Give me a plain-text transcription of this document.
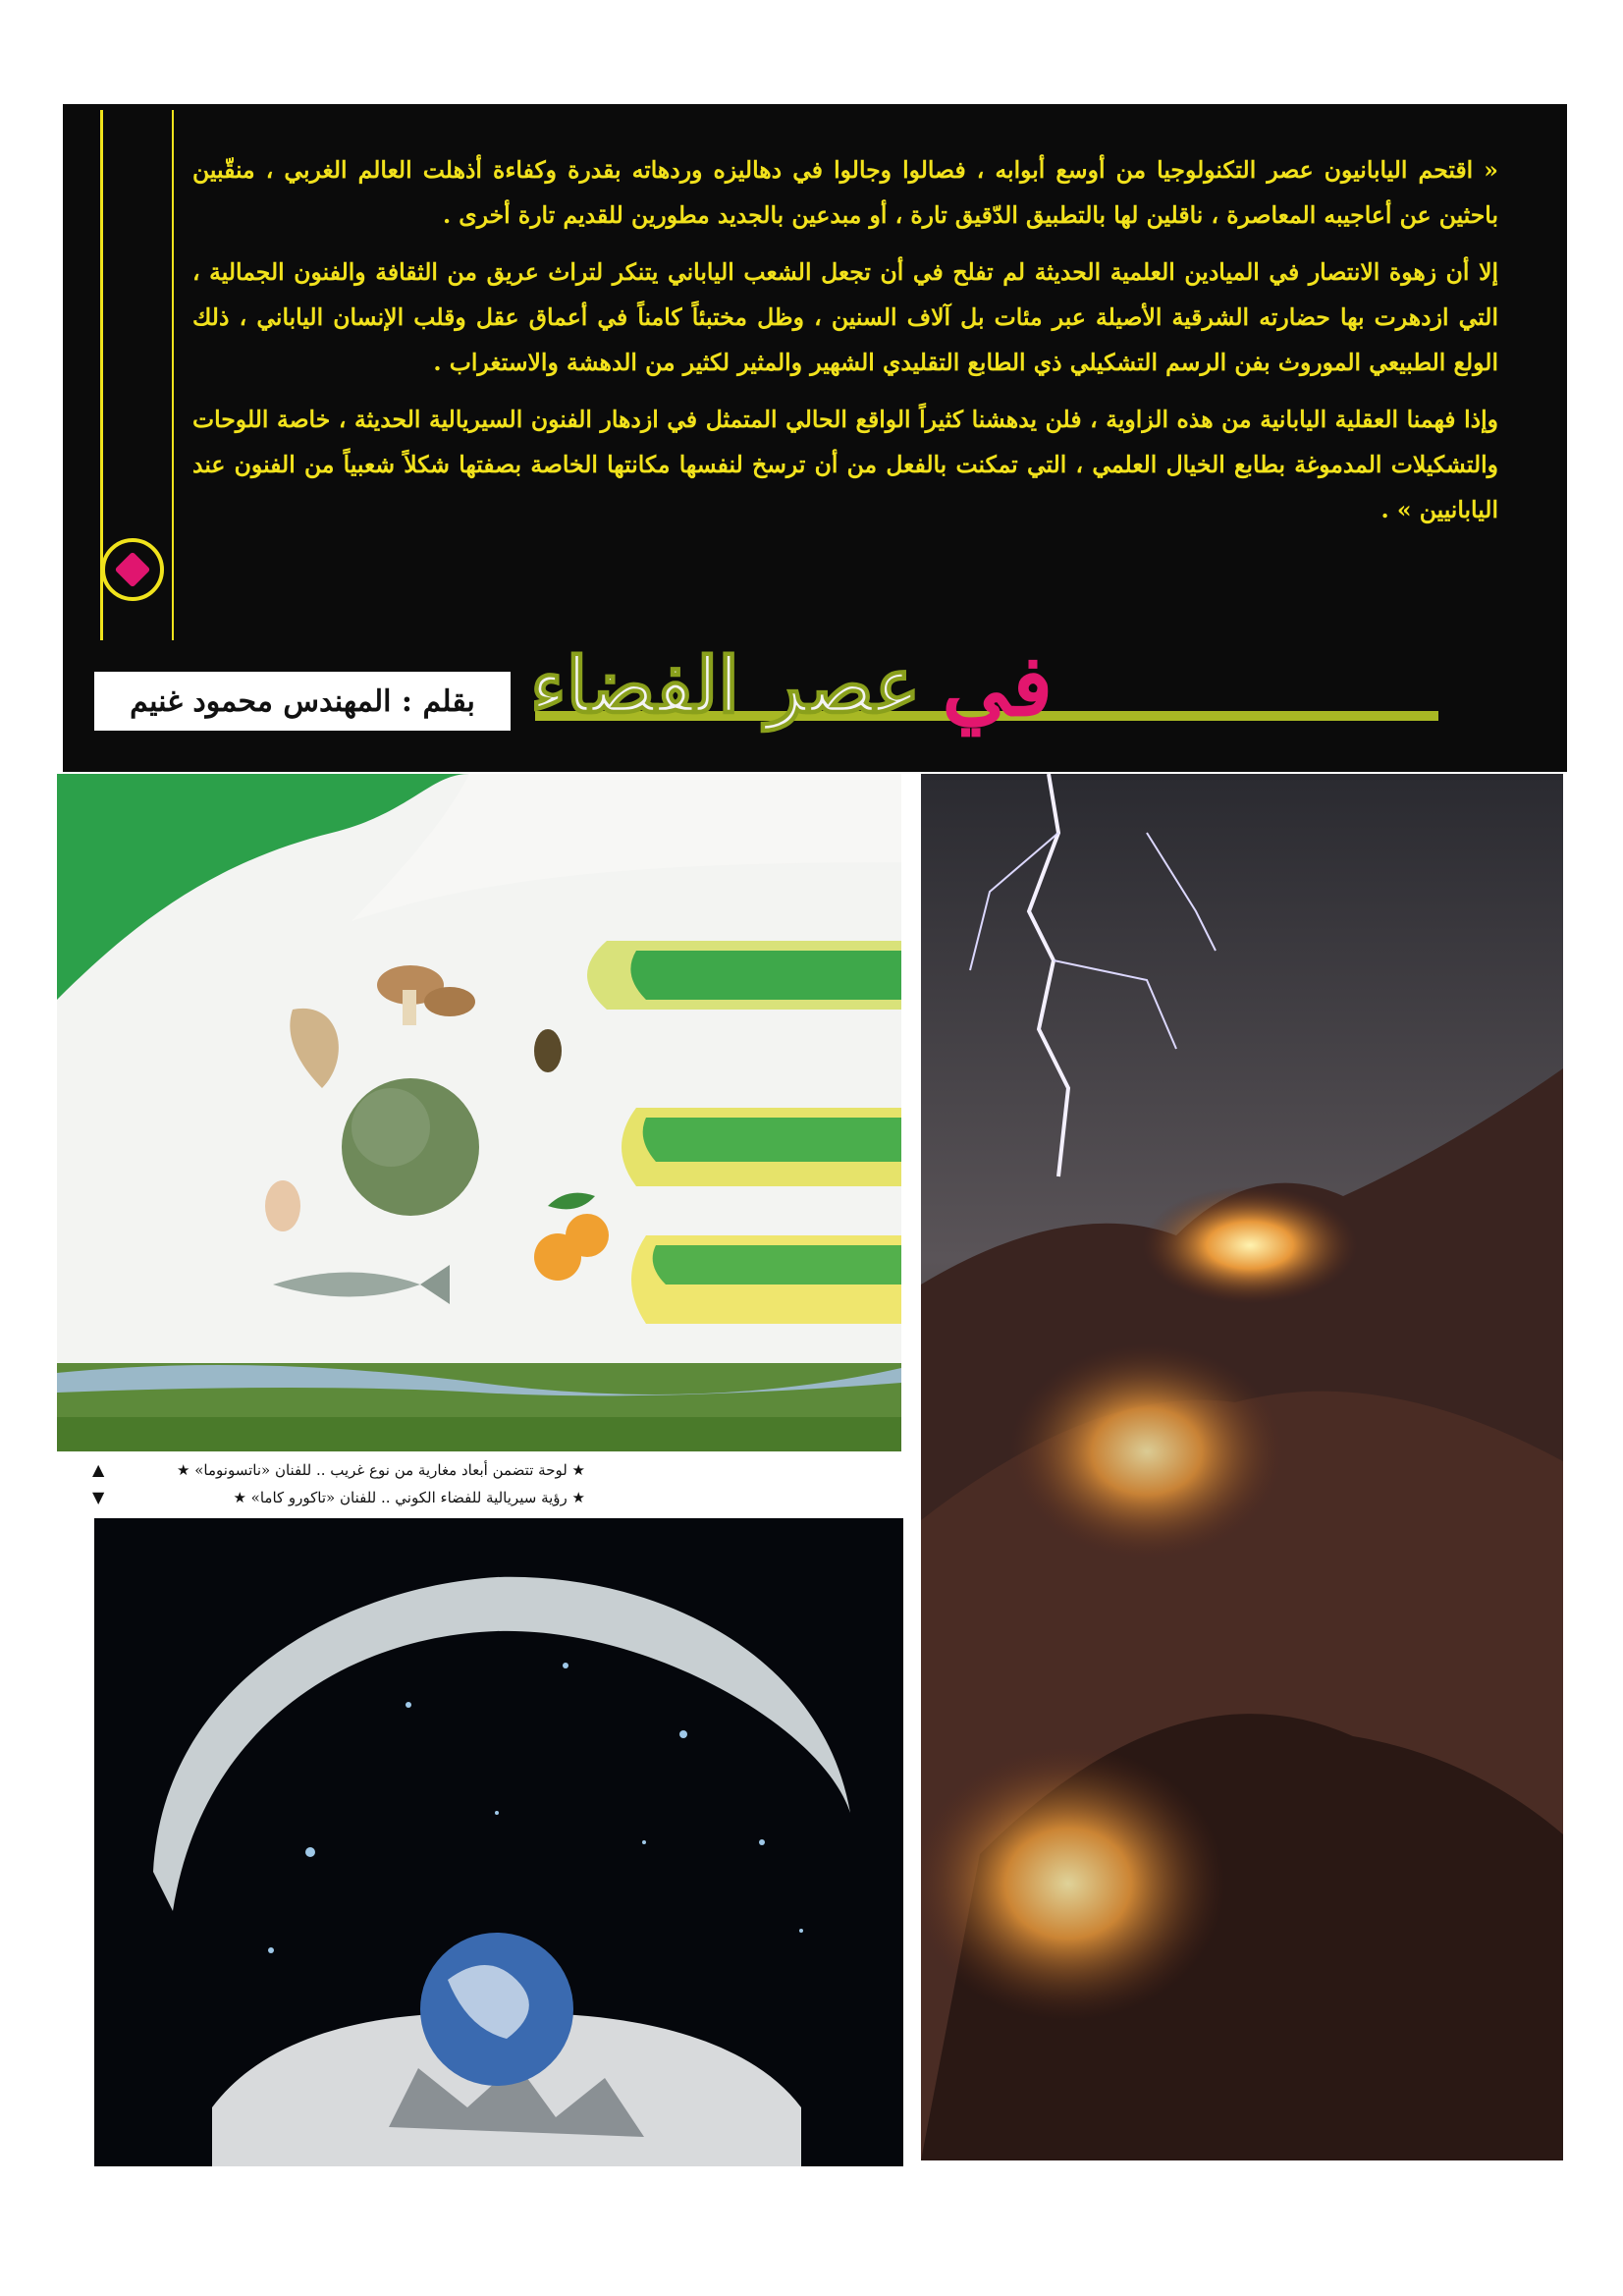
« اقتحم اليابانيون عصر التكنولوجيا من أوسع أبوابه ، فصالوا وجالوا في دهاليزه وردهاته بقدرة وكفاءة أذهلت العالم الغربي ، منقّبين باحثين عن أعاجيبه المعاصرة ، ناقلين لها بالتطبيق الدّقيق تارة ، أو مبدعين بالجديد مطورين للقديم تارة أخرى .

إلا أن زهوة الانتصار في الميادين العلمية الحديثة لم تفلح في أن تجعل الشعب الياباني يتنكر لتراث عريق من الثقافة والفنون الجمالية ، التي ازدهرت بها حضارته الشرقية الأصيلة عبر مئات بل آلاف السنين ، وظل مختبئاً كامناً في أعماق عقل وقلب الإنسان الياباني ، ذلك الولع الطبيعي الموروث بفن الرسم التشكيلي ذي الطابع التقليدي الشهير والمثير لكثير من الدهشة والاستغراب .

وإذا فهمنا العقلية اليابانية من هذه الزاوية ، فلن يدهشنا كثيراً الواقع الحالي المتمثل في ازدهار الفنون السيريالية الحديثة ، خاصة اللوحات والتشكيلات المدموغة بطابع الخيال العلمي ، التي تمكنت بالفعل من أن ترسخ لنفسها مكانتها الخاصة بصفتها شكلاً شعبياً من الفنون عند اليابانيين » .

في
عصر الفضاء
بقلم : المهندس محمود غنيم
▲	★ لوحة تتضمن أبعاد مغارية من نوع غريب .. للفنان «ناتسونوما» ★
▼	★ رؤية سيريالية للفضاء الكوني .. للفنان «تاكورو كاما» ★
